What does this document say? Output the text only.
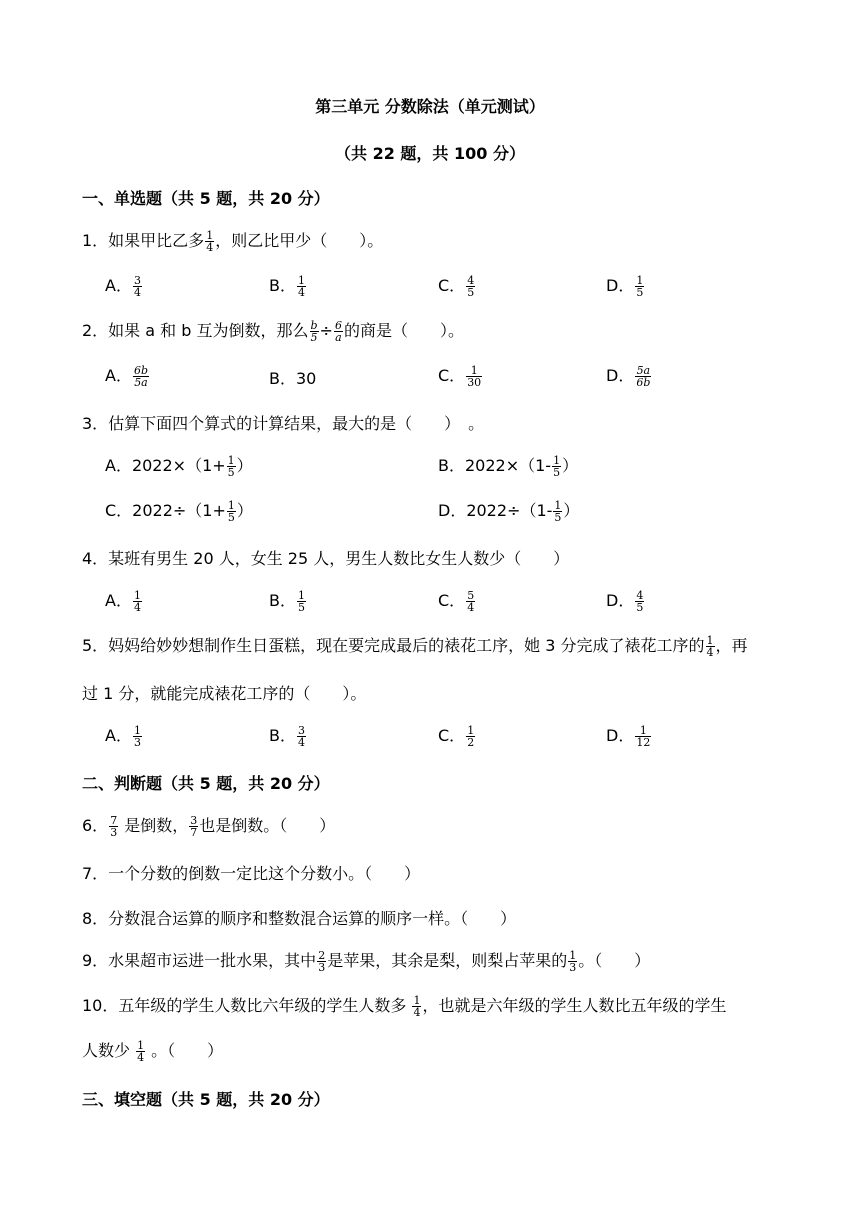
第三单元 分数除法（单元测试）
（共 22 题，共 100 分）
一、单选题（共 5 题，共 20 分）
1．如果甲比乙多 $\frac{1}{4}$ ，则乙比甲少（　　）。
A． $\frac{3}{4}$	B． $\frac{1}{4}$	C． $\frac{4}{5}$	D． $\frac{1}{5}$
2．如果 a 和 b 互为倒数，那么 $\frac{b}{5} \div \frac{6}{a}$ 的商是（　　）。
A． $\frac{6b}{5a}$	B．30	C． $\frac{1}{30}$	D． $\frac{5a}{6b}$
3．估算下面四个算式的计算结果，最大的是（　　）　。
A．$2022\times(1+ \frac{1}{5}$ ）	B．$2022\times(1- \frac{1}{5}$ ）
C．$2022\div(1+ \frac{1}{5}$ ）	D．$2022\div(1- \frac{1}{5}$ ）
4．某班有男生 20 人，女生 25 人，男生人数比女生人数少（　　）
A． $\frac{1}{4}$	B． $\frac{1}{5}$	C． $\frac{5}{4}$	D． $\frac{4}{5}$
5．妈妈给妙妙想制作生日蛋糕，现在要完成最后的裱花工序，她 3 分完成了裱花工序的 $\frac{1}{4}$ ，再
过 1 分，就能完成裱花工序的（　　）。
A． $\frac{1}{3}$	B． $\frac{3}{4}$	C． $\frac{1}{2}$	D． $\frac{1}{12}$
二、判断题（共 5 题，共 20 分）
6． $\frac{7}{3}$ 是倒数， $\frac{3}{7}$ 也是倒数。（　　）
7．一个分数的倒数一定比这个分数小。（　　）
8．分数混合运算的顺序和整数混合运算的顺序一样。（　　）
9．水果超市运进一批水果，其中 $\frac{2}{3}$ 是苹果，其余是梨，则梨占苹果的 $\frac{1}{3}$ 。（　　）
10．五年级的学生人数比六年级的学生人数多 $\frac{1}{4}$ ，也就是六年级的学生人数比五年级的学生
人数少 $\frac{1}{4}$ 。（　　）
三、填空题（共 5 题，共 20 分）
